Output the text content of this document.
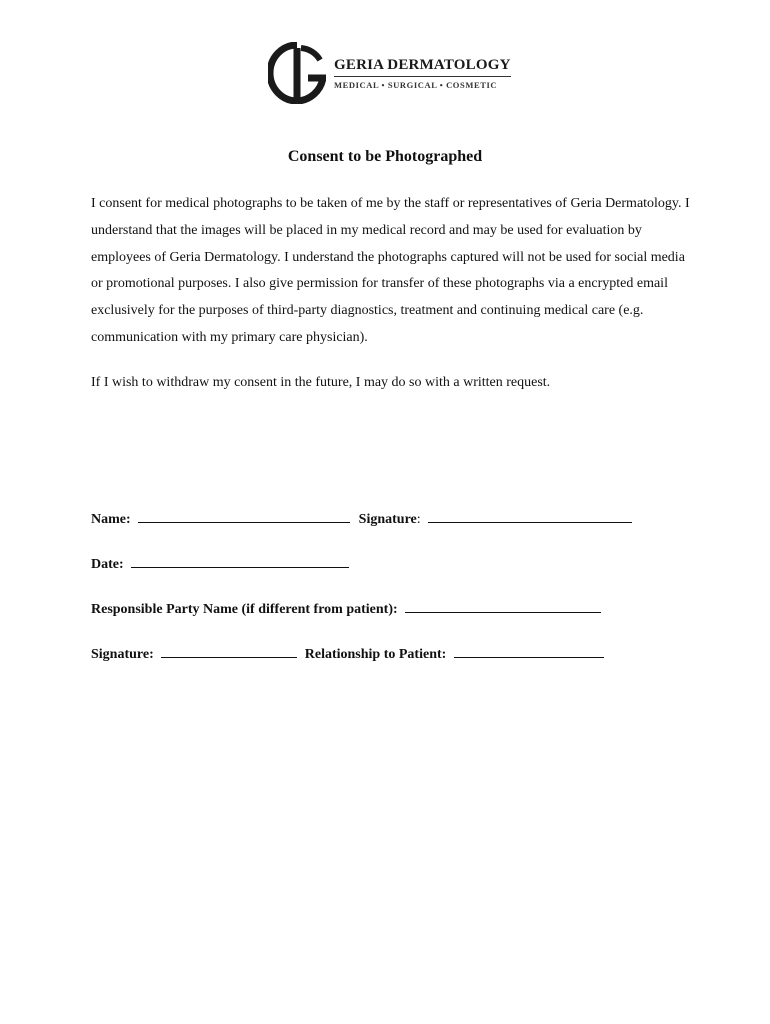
GERIA DERMATOLOGY
MEDICAL • SURGICAL • COSMETIC
Consent to be Photographed

I consent for medical photographs to be taken of me by the staff or representatives of Geria Dermatology. I understand that the images will be placed in my medical record and may be used for evaluation by employees of Geria Dermatology. I understand the photographs captured will not be used for social media or promotional purposes. I also give permission for transfer of these photographs via a encrypted email exclusively for the purposes of third-party diagnostics, treatment and continuing medical care (e.g. communication with my primary care physician).

If I wish to withdraw my consent in the future, I may do so with a written request.

Name:	Signature:
Date:
Responsible Party Name (if different from patient):
Signature:	Relationship to Patient:
